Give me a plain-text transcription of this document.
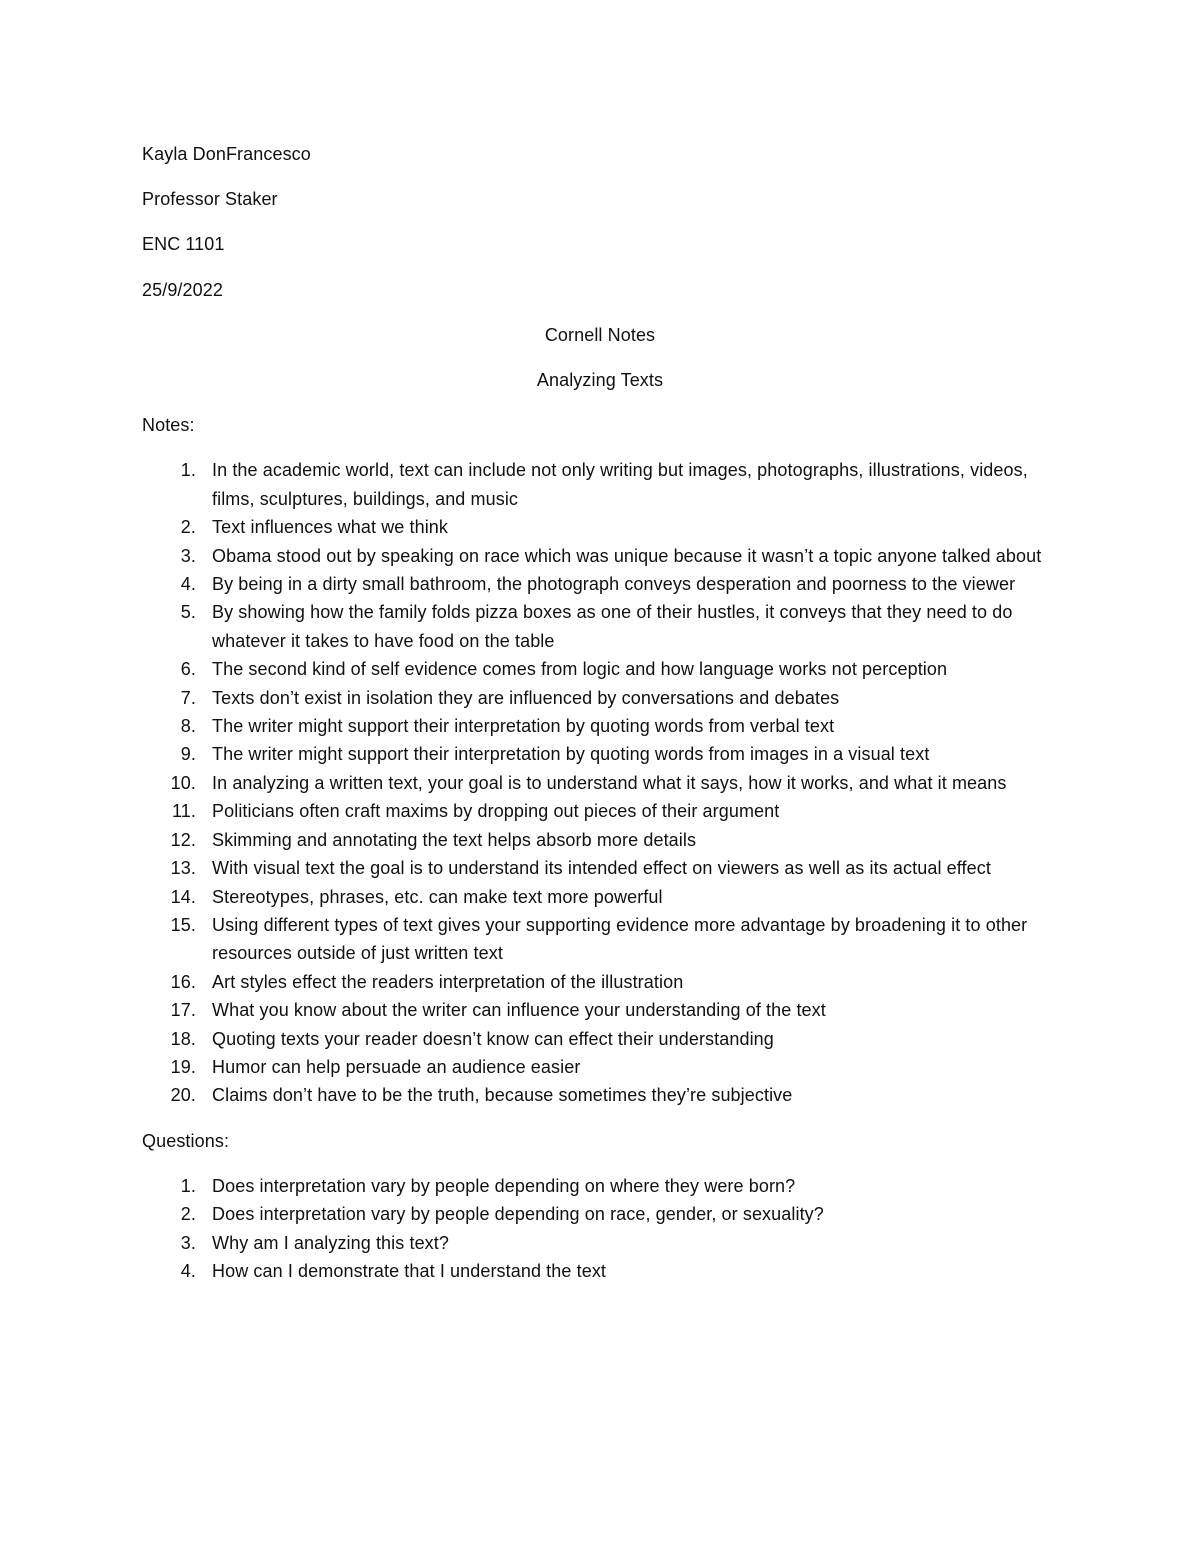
Kayla DonFrancesco

Professor Staker

ENC 1101

25/9/2022

Cornell Notes

Analyzing Texts

Notes:

1. In the academic world, text can include not only writing but images, photographs, illustrations, videos, films, sculptures, buildings, and music
2. Text influences what we think
3. Obama stood out by speaking on race which was unique because it wasn’t a topic anyone talked about
4. By being in a dirty small bathroom, the photograph conveys desperation and poorness to the viewer
5. By showing how the family folds pizza boxes as one of their hustles, it conveys that they need to do whatever it takes to have food on the table
6. The second kind of self evidence comes from logic and how language works not perception
7. Texts don’t exist in isolation they are influenced by conversations and debates
8. The writer might support their interpretation by quoting words from verbal text
9. The writer might support their interpretation by quoting words from images in a visual text
10. In analyzing a written text, your goal is to understand what it says, how it works, and what it means
11. Politicians often craft maxims by dropping out pieces of their argument
12. Skimming and annotating the text helps absorb more details
13. With visual text the goal is to understand its intended effect on viewers as well as its actual effect
14. Stereotypes, phrases, etc. can make text more powerful
15. Using different types of text gives your supporting evidence more advantage by broadening it to other resources outside of just written text
16. Art styles effect the readers interpretation of the illustration
17. What you know about the writer can influence your understanding of the text
18. Quoting texts your reader doesn’t know can effect their understanding
19. Humor can help persuade an audience easier
20. Claims don’t have to be the truth, because sometimes they’re subjective

Questions:

1. Does interpretation vary by people depending on where they were born?
2. Does interpretation vary by people depending on race, gender, or sexuality?
3. Why am I analyzing this text?
4. How can I demonstrate that I understand the text
